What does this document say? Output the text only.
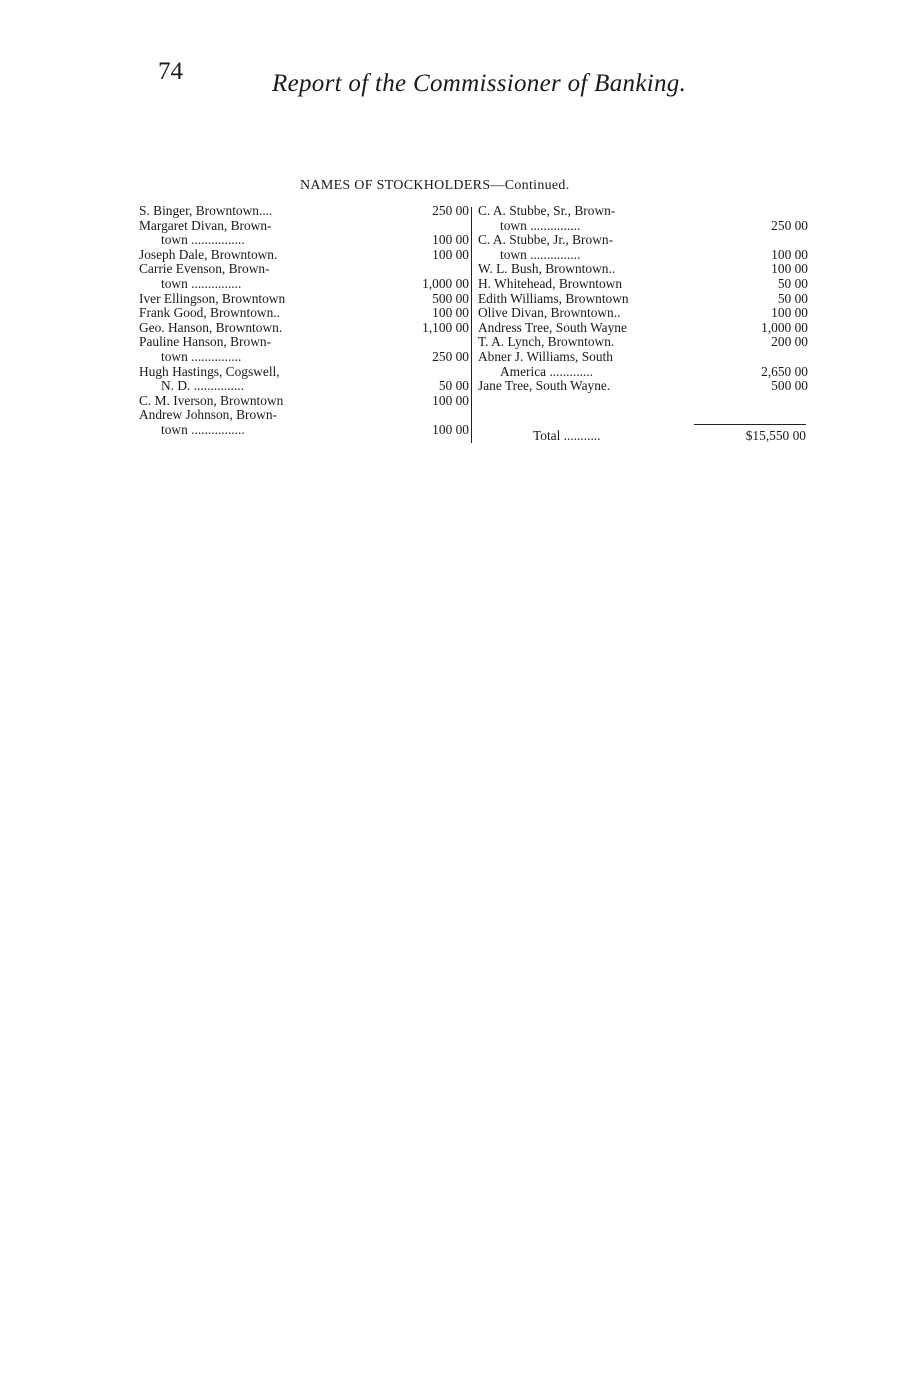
74	Report of the Commissioner of Banking.
NAMES OF STOCKHOLDERS—Continued.
S. Binger, Browntown....	250 00
Margaret Divan, Brown-
town ................	100 00
Joseph Dale, Browntown.	100 00
Carrie Evenson, Brown-
town ...............	1,000 00
Iver Ellingson, Browntown	500 00
Frank Good, Browntown..	100 00
Geo. Hanson, Browntown.	1,100 00
Pauline Hanson, Brown-
town ...............	250 00
Hugh Hastings, Cogswell,
N. D. ...............	50 00
C. M. Iverson, Browntown	100 00
Andrew Johnson, Brown-
town ................	100 00
C. A. Stubbe, Sr., Brown-
town ...............	250 00
C. A. Stubbe, Jr., Brown-
town ...............	100 00
W. L. Bush, Browntown..	100 00
H. Whitehead, Browntown	50 00
Edith Williams, Browntown	50 00
Olive Divan, Browntown..	100 00
Andress Tree, South Wayne	1,000 00
T. A. Lynch, Browntown.	200 00
Abner J. Williams, South
America .............	2,650 00
Jane Tree, South Wayne.	500 00
Total ...........	$15,550 00
